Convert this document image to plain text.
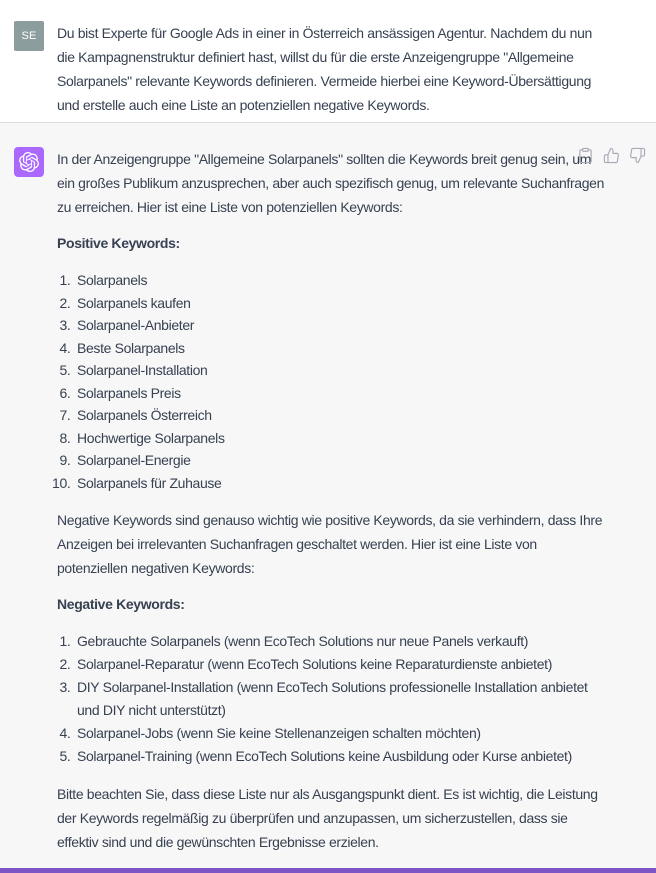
SE	Du bist Experte für Google Ads in einer in Österreich ansässigen Agentur. Nachdem du nun die Kampagnenstruktur definiert hast, willst du für die erste Anzeigengruppe "Allgemeine Solarpanels" relevante Keywords definieren. Vermeide hierbei eine Keyword-Übersättigung und erstelle auch eine Liste an potenziellen negative Keywords.

In der Anzeigengruppe "Allgemeine Solarpanels" sollten die Keywords breit genug sein, um ein großes Publikum anzusprechen, aber auch spezifisch genug, um relevante Suchanfragen zu erreichen. Hier ist eine Liste von potenziellen Keywords:

Positive Keywords:

1. Solarpanels
2. Solarpanels kaufen
3. Solarpanel-Anbieter
4. Beste Solarpanels
5. Solarpanel-Installation
6. Solarpanels Preis
7. Solarpanels Österreich
8. Hochwertige Solarpanels
9. Solarpanel-Energie
10. Solarpanels für Zuhause

Negative Keywords sind genauso wichtig wie positive Keywords, da sie verhindern, dass Ihre Anzeigen bei irrelevanten Suchanfragen geschaltet werden. Hier ist eine Liste von potenziellen negativen Keywords:

Negative Keywords:

1. Gebrauchte Solarpanels (wenn EcoTech Solutions nur neue Panels verkauft)
2. Solarpanel-Reparatur (wenn EcoTech Solutions keine Reparaturdienste anbietet)
3. DIY Solarpanel-Installation (wenn EcoTech Solutions professionelle Installation anbietet und DIY nicht unterstützt)
4. Solarpanel-Jobs (wenn Sie keine Stellenanzeigen schalten möchten)
5. Solarpanel-Training (wenn EcoTech Solutions keine Ausbildung oder Kurse anbietet)

Bitte beachten Sie, dass diese Liste nur als Ausgangspunkt dient. Es ist wichtig, die Leistung der Keywords regelmäßig zu überprüfen und anzupassen, um sicherzustellen, dass sie effektiv sind und die gewünschten Ergebnisse erzielen.
